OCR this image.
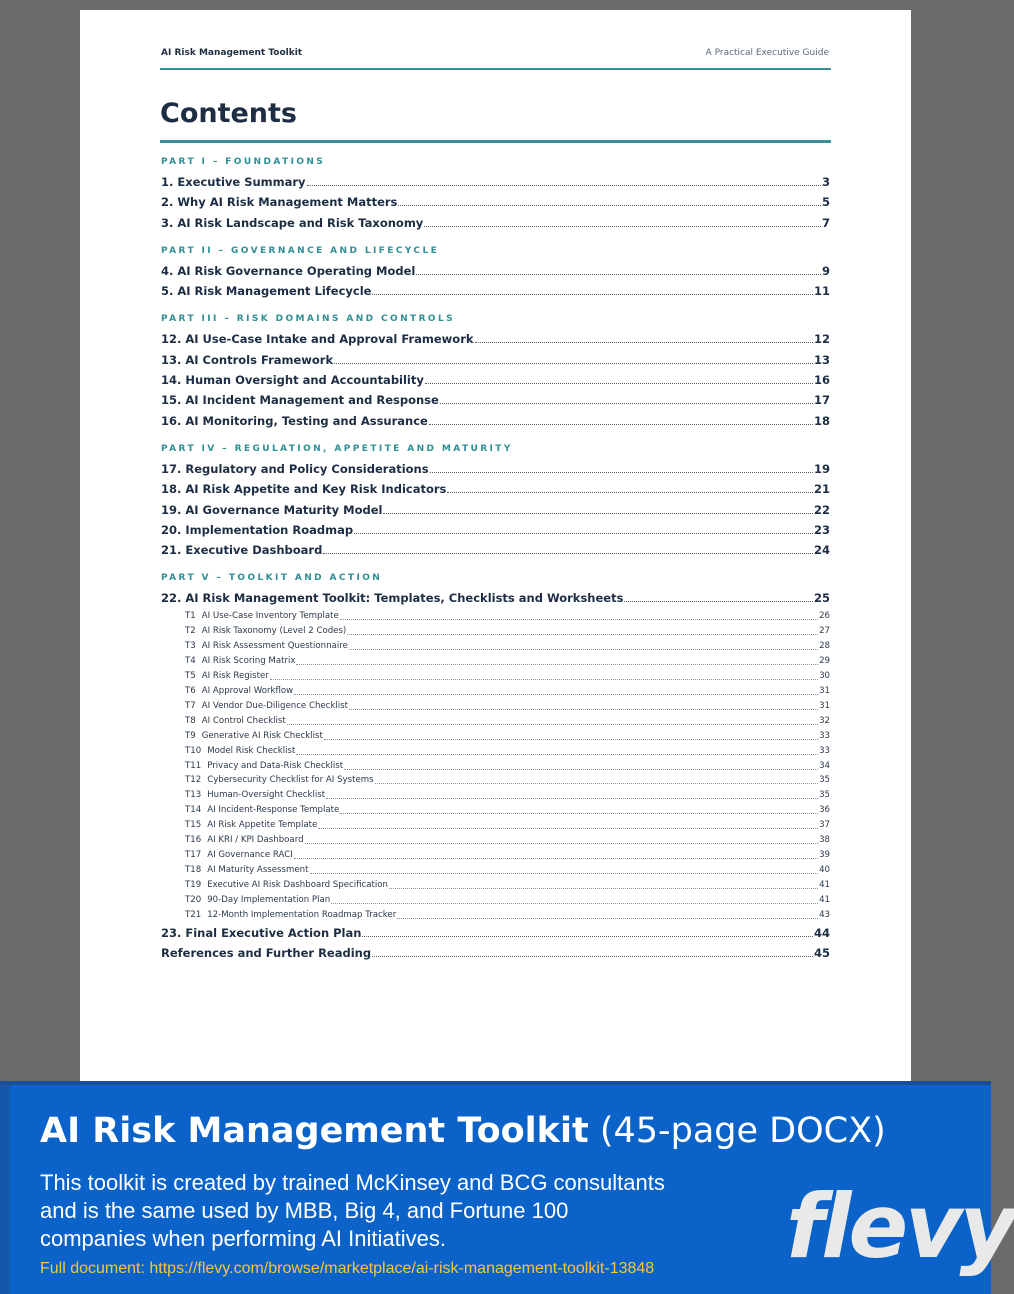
AI Risk Management Toolkit	A Practical Executive Guide
Contents
PART I – FOUNDATIONS
1. Executive Summary	3
2. Why AI Risk Management Matters	5
3. AI Risk Landscape and Risk Taxonomy	7
PART II – GOVERNANCE AND LIFECYCLE
4. AI Risk Governance Operating Model	9
5. AI Risk Management Lifecycle	11
PART III – RISK DOMAINS AND CONTROLS
12. AI Use-Case Intake and Approval Framework	12
13. AI Controls Framework	13
14. Human Oversight and Accountability	16
15. AI Incident Management and Response	17
16. AI Monitoring, Testing and Assurance	18
PART IV – REGULATION, APPETITE AND MATURITY
17. Regulatory and Policy Considerations	19
18. AI Risk Appetite and Key Risk Indicators	21
19. AI Governance Maturity Model	22
20. Implementation Roadmap	23
21. Executive Dashboard	24
PART V – TOOLKIT AND ACTION
22. AI Risk Management Toolkit: Templates, Checklists and Worksheets	25
T1 AI Use-Case Inventory Template	26
T2 AI Risk Taxonomy (Level 2 Codes)	27
T3 AI Risk Assessment Questionnaire	28
T4 AI Risk Scoring Matrix	29
T5 AI Risk Register	30
T6 AI Approval Workflow	31
T7 AI Vendor Due-Diligence Checklist	31
T8 AI Control Checklist	32
T9 Generative AI Risk Checklist	33
T10 Model Risk Checklist	33
T11 Privacy and Data-Risk Checklist	34
T12 Cybersecurity Checklist for AI Systems	35
T13 Human-Oversight Checklist	35
T14 AI Incident-Response Template	36
T15 AI Risk Appetite Template	37
T16 AI KRI / KPI Dashboard	38
T17 AI Governance RACI	39
T18 AI Maturity Assessment	40
T19 Executive AI Risk Dashboard Specification	41
T20 90-Day Implementation Plan	41
T21 12-Month Implementation Roadmap Tracker	43
23. Final Executive Action Plan	44
References and Further Reading	45
AI Risk Management Toolkit (45-page DOCX)
This toolkit is created by trained McKinsey and BCG consultants and is the same used by MBB, Big 4, and Fortune 100 companies when performing AI Initiatives.
Full document: https://flevy.com/browse/marketplace/ai-risk-management-toolkit-13848 flevy
